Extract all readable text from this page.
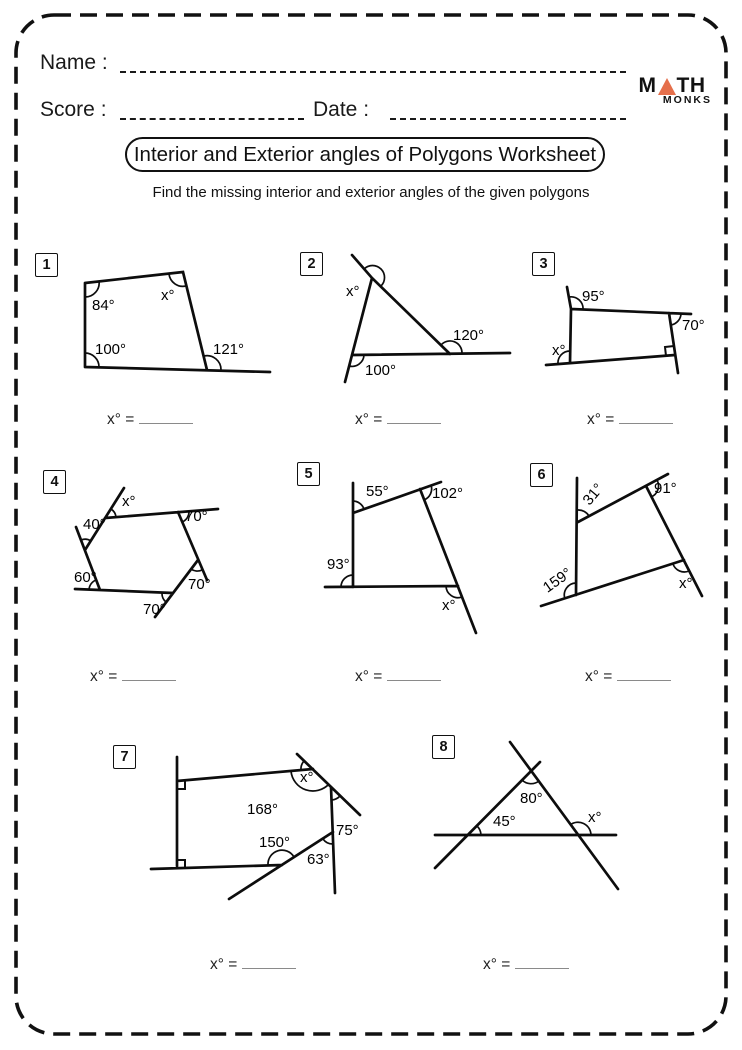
Name :
Score :	Date :
M TH
MONKS
Interior and Exterior angles of Polygons Worksheet
Find the missing interior and exterior angles of the given polygons
1
84°
x°
100°	121°
2
x°
120°
100°
3
95°
70°
x°
4
x°
40°
60°
70°
70°
70°
5
55°	102°
93°
x°
6
31°	91°
159°	x°
7
x°
168°
150°
75°
63°
8
80°
45°	x°
x° =	x° =	x° =
x° =	x° =	x° =
x° =	x° =
